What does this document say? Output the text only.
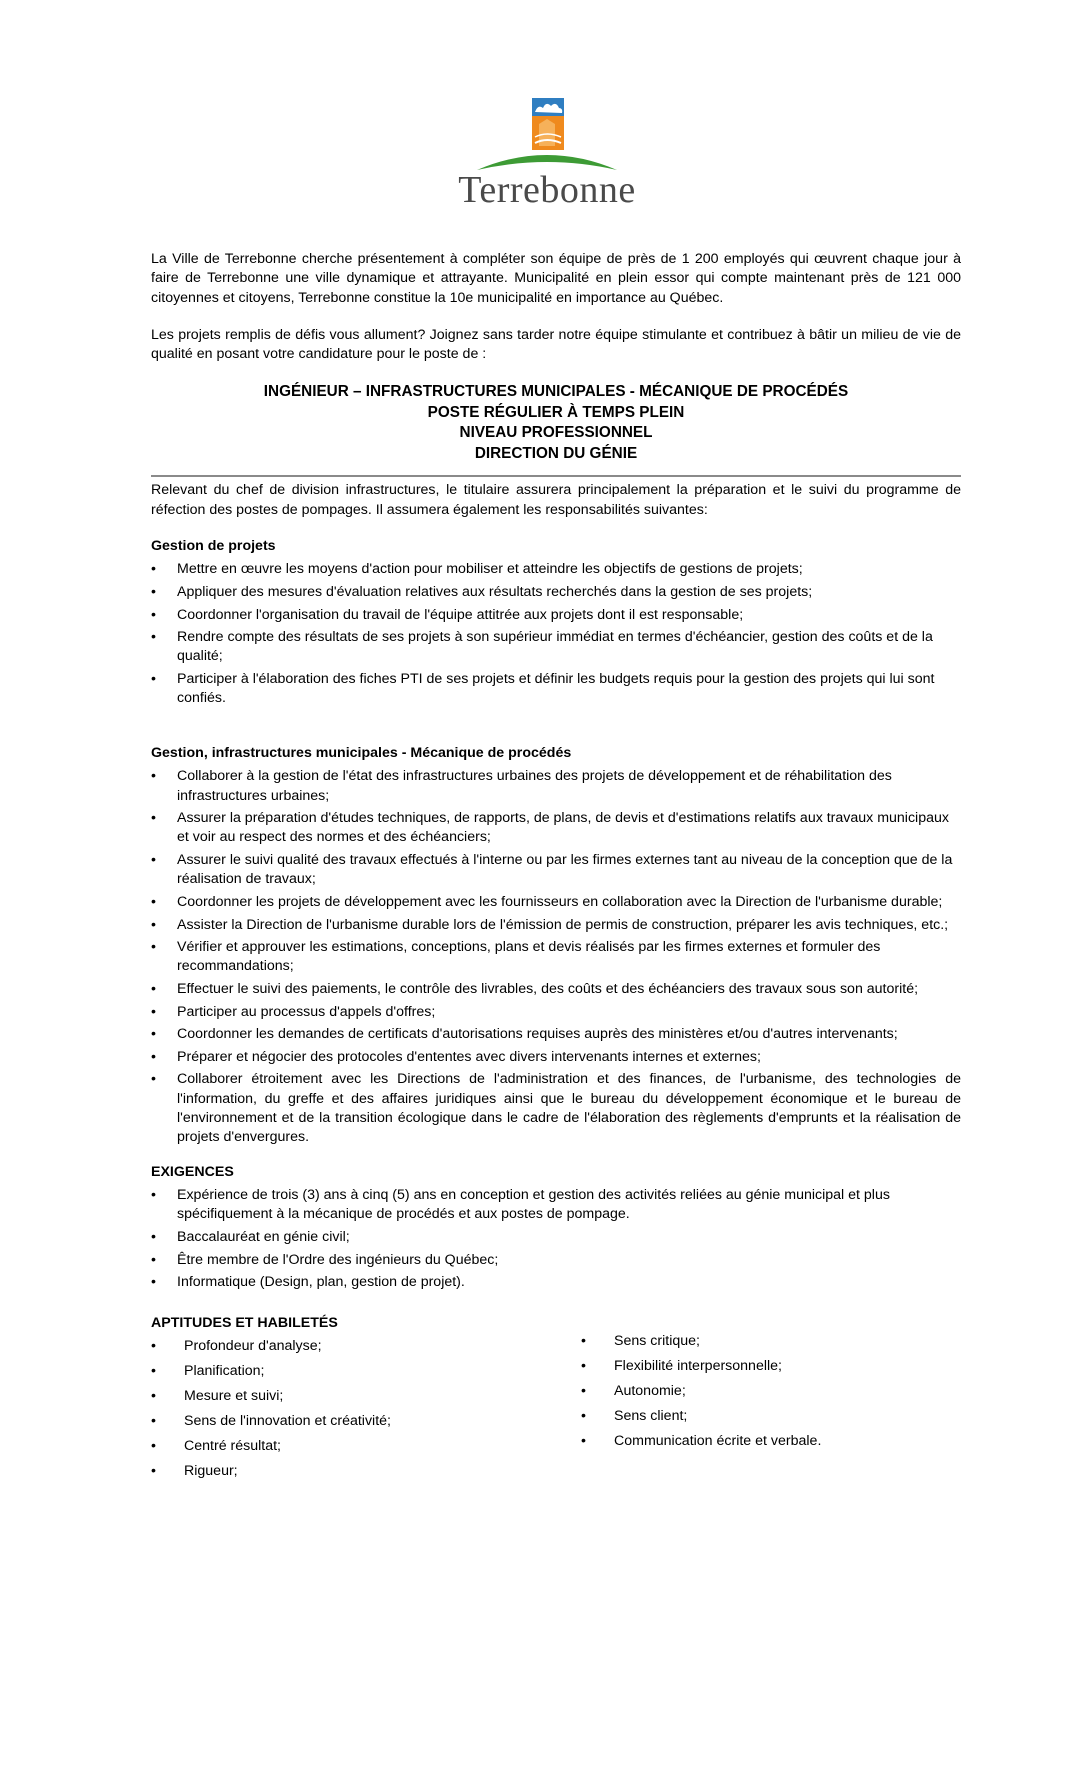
Terrebonne

La Ville de Terrebonne cherche présentement à compléter son équipe de près de 1 200 employés qui œuvrent chaque jour à faire de Terrebonne une ville dynamique et attrayante. Municipalité en plein essor qui compte maintenant près de 121 000 citoyennes et citoyens, Terrebonne constitue la 10e municipalité en importance au Québec.

Les projets remplis de défis vous allument? Joignez sans tarder notre équipe stimulante et contribuez à bâtir un milieu de vie de qualité en posant votre candidature pour le poste de :

INGÉNIEUR – INFRASTRUCTURES MUNICIPALES - MÉCANIQUE DE PROCÉDÉS

POSTE RÉGULIER À TEMPS PLEIN

NIVEAU PROFESSIONNEL

DIRECTION DU GÉNIE

Relevant du chef de division infrastructures, le titulaire assurera principalement la préparation et le suivi du programme de réfection des postes de pompages. Il assumera également les responsabilités suivantes:

Gestion de projets
• Mettre en œuvre les moyens d'action pour mobiliser et atteindre les objectifs de gestions de projets;
• Appliquer des mesures d'évaluation relatives aux résultats recherchés dans la gestion de ses projets;
• Coordonner l'organisation du travail de l'équipe attitrée aux projets dont il est responsable;
• Rendre compte des résultats de ses projets à son supérieur immédiat en termes d'échéancier, gestion des coûts et de la qualité;
• Participer à l'élaboration des fiches PTI de ses projets et définir les budgets requis pour la gestion des projets qui lui sont confiés.
Gestion, infrastructures municipales - Mécanique de procédés
• Collaborer à la gestion de l'état des infrastructures urbaines des projets de développement et de réhabilitation des infrastructures urbaines;
• Assurer la préparation d'études techniques, de rapports, de plans, de devis et d'estimations relatifs aux travaux municipaux et voir au respect des normes et des échéanciers;
• Assurer le suivi qualité des travaux effectués à l'interne ou par les firmes externes tant au niveau de la conception que de la réalisation de travaux;
• Coordonner les projets de développement avec les fournisseurs en collaboration avec la Direction de l'urbanisme durable;
• Assister la Direction de l'urbanisme durable lors de l'émission de permis de construction, préparer les avis techniques, etc.;
• Vérifier et approuver les estimations, conceptions, plans et devis réalisés par les firmes externes et formuler des recommandations;
• Effectuer le suivi des paiements, le contrôle des livrables, des coûts et des échéanciers des travaux sous son autorité;
• Participer au processus d'appels d'offres;
• Coordonner les demandes de certificats d'autorisations requises auprès des ministères et/ou d'autres intervenants;
• Préparer et négocier des protocoles d'ententes avec divers intervenants internes et externes;
• Collaborer étroitement avec les Directions de l'administration et des finances, de l'urbanisme, des technologies de l'information, du greffe et des affaires juridiques ainsi que le bureau du développement économique et le bureau de l'environnement et de la transition écologique dans le cadre de l'élaboration des règlements d'emprunts et la réalisation de projets d'envergures.
EXIGENCES
• Expérience de trois (3) ans à cinq (5) ans en conception et gestion des activités reliées au génie municipal et plus spécifiquement à la mécanique de procédés et aux postes de pompage.
• Baccalauréat en génie civil;
• Être membre de l'Ordre des ingénieurs du Québec;
• Informatique (Design, plan, gestion de projet).
APTITUDES ET HABILETÉS
• Profondeur d'analyse;
• Planification;
• Mesure et suivi;
• Sens de l'innovation et créativité;
• Centré résultat;
• Rigueur;
• Sens critique;
• Flexibilité interpersonnelle;
• Autonomie;
• Sens client;
• Communication écrite et verbale.
